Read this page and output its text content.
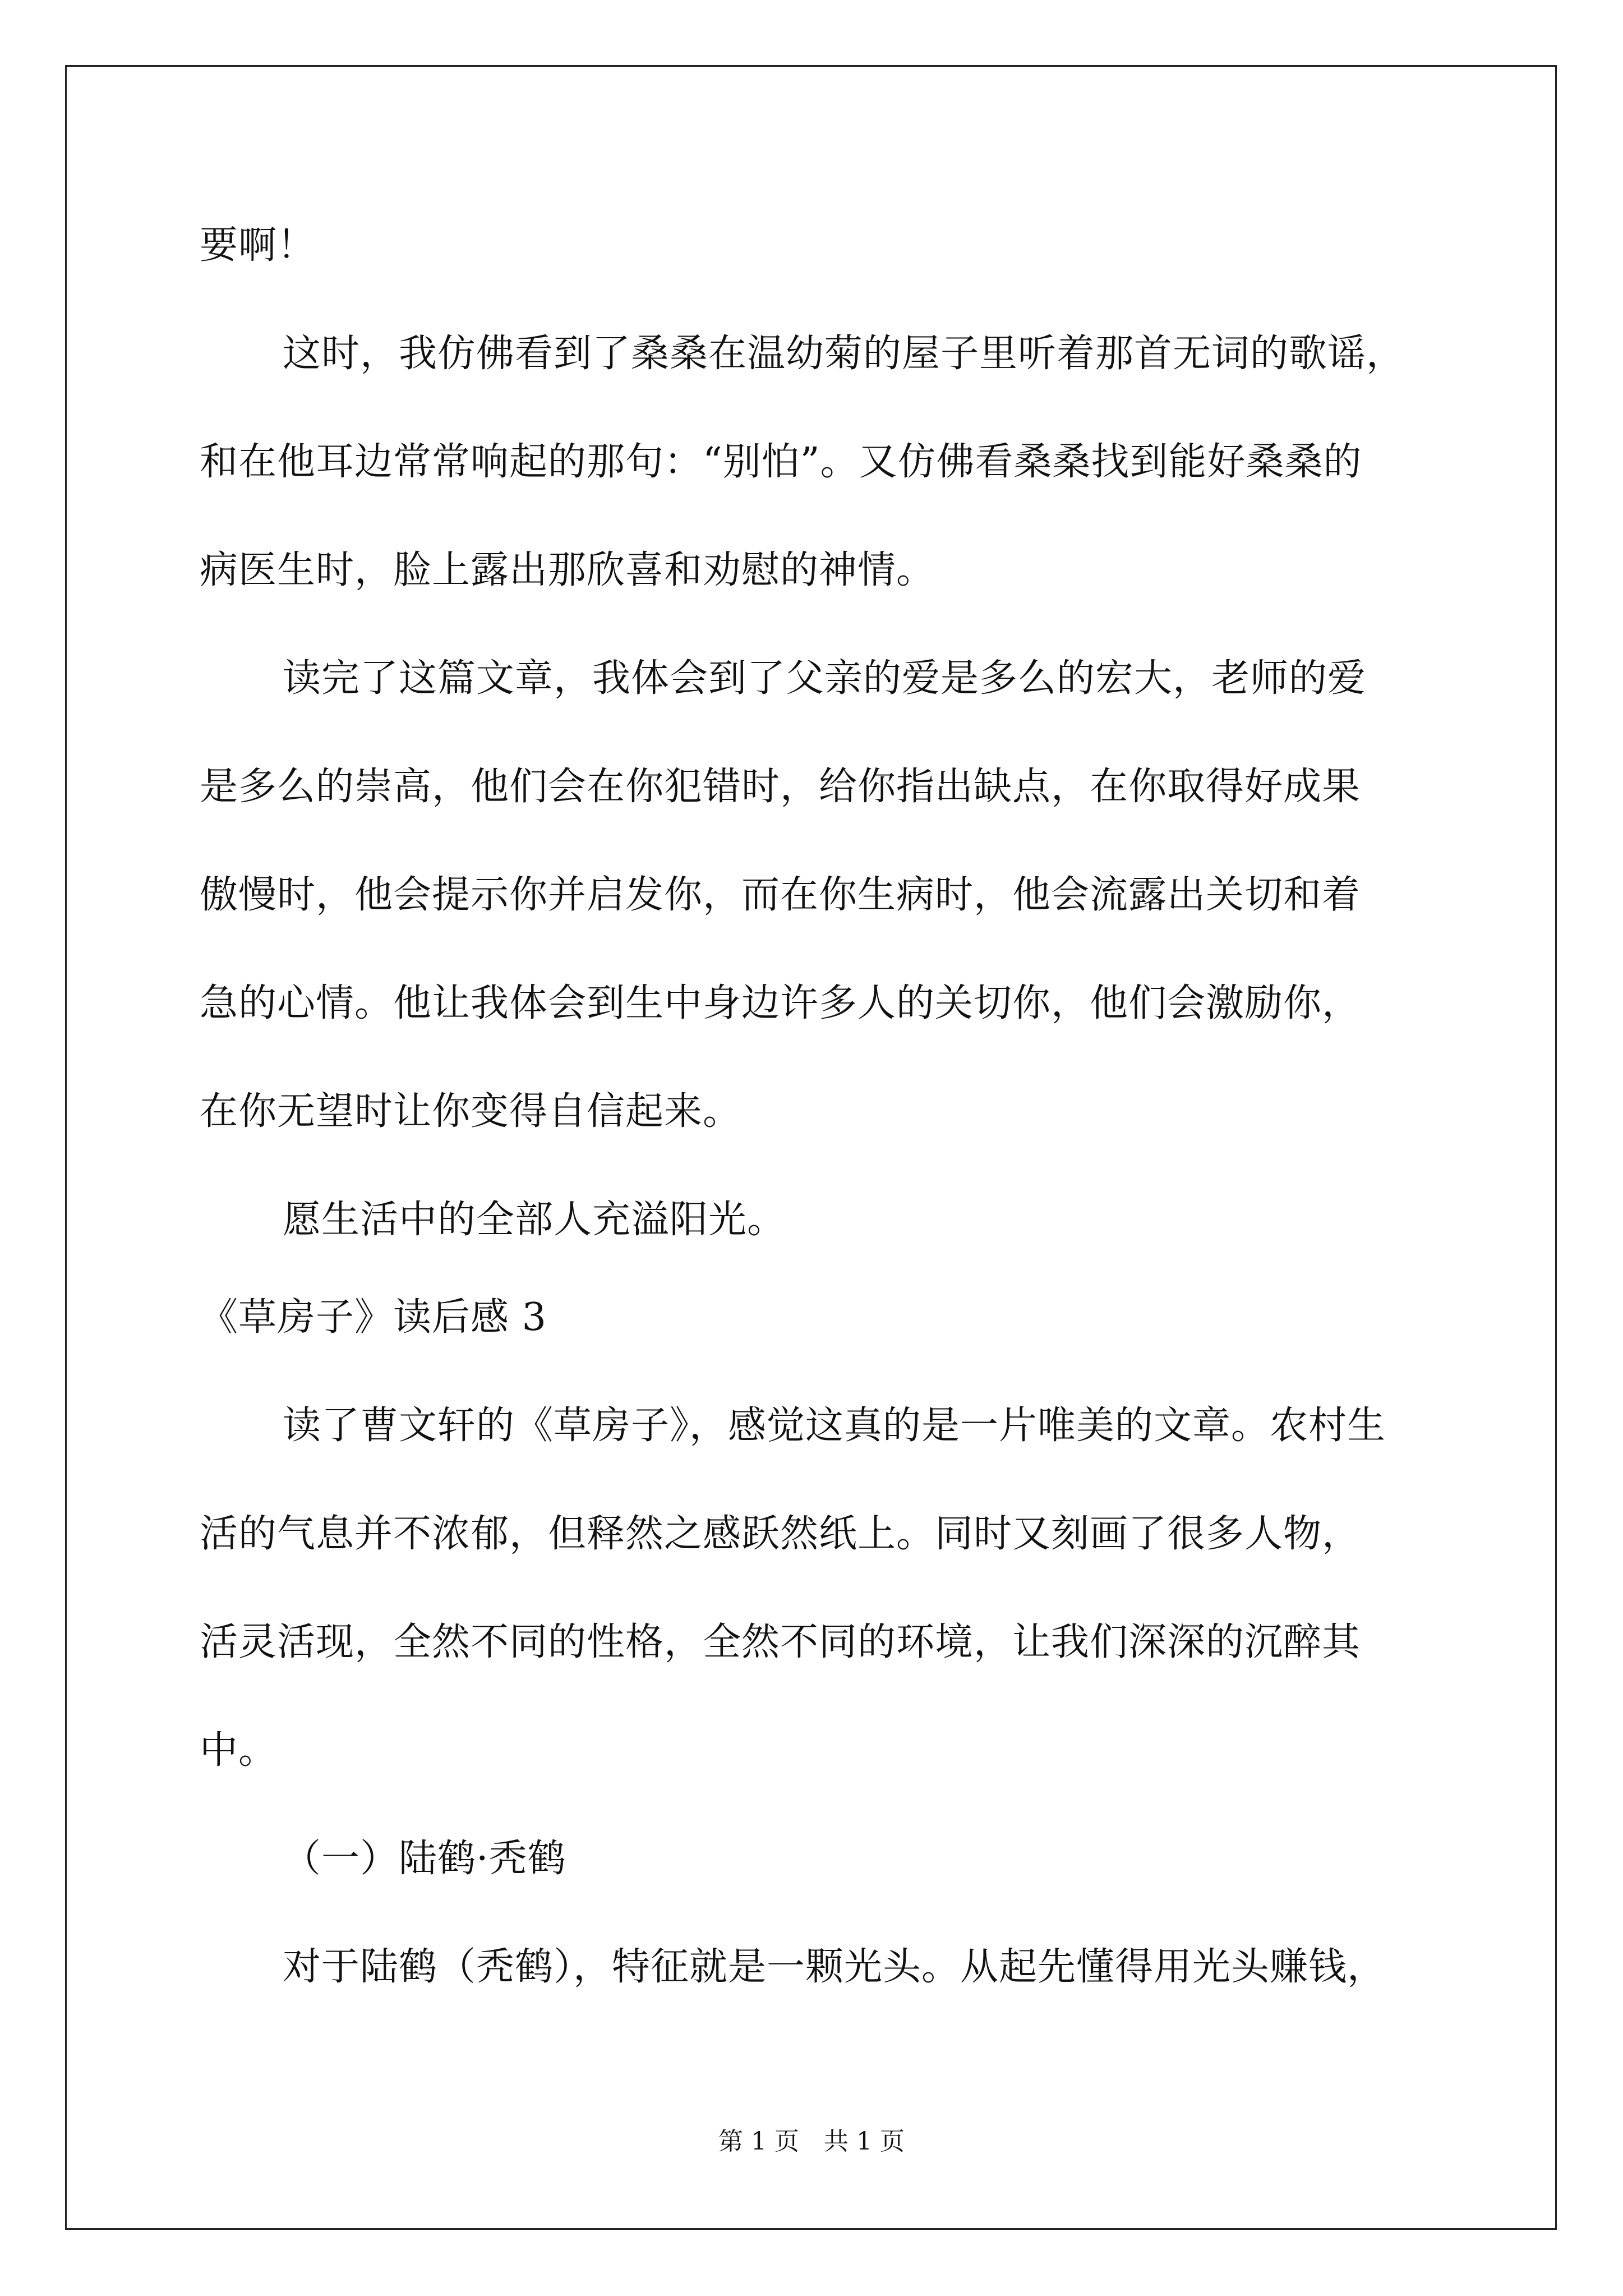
要啊！

这时，我仿佛看到了桑桑在温幼菊的屋子里听着那首无词的歌谣，

和在他耳边常常响起的那句：“别怕”。又仿佛看桑桑找到能好桑桑的

病医生时，脸上露出那欣喜和劝慰的神情。

读完了这篇文章，我体会到了父亲的爱是多么的宏大，老师的爱

是多么的崇高，他们会在你犯错时，给你指出缺点，在你取得好成果

傲慢时，他会提示你并启发你，而在你生病时，他会流露出关切和着

急的心情。他让我体会到生中身边许多人的关切你，他们会激励你，

在你无望时让你变得自信起来。

愿生活中的全部人充溢阳光。

《草房子》读后感 3

读了曹文轩的《草房子》，感觉这真的是一片唯美的文章。农村生

活的气息并不浓郁，但释然之感跃然纸上。同时又刻画了很多人物，

活灵活现，全然不同的性格，全然不同的环境，让我们深深的沉醉其

中。

（一）陆鹤·秃鹤

对于陆鹤（秃鹤），特征就是一颗光头。从起先懂得用光头赚钱，

第 1 页　共 1 页
